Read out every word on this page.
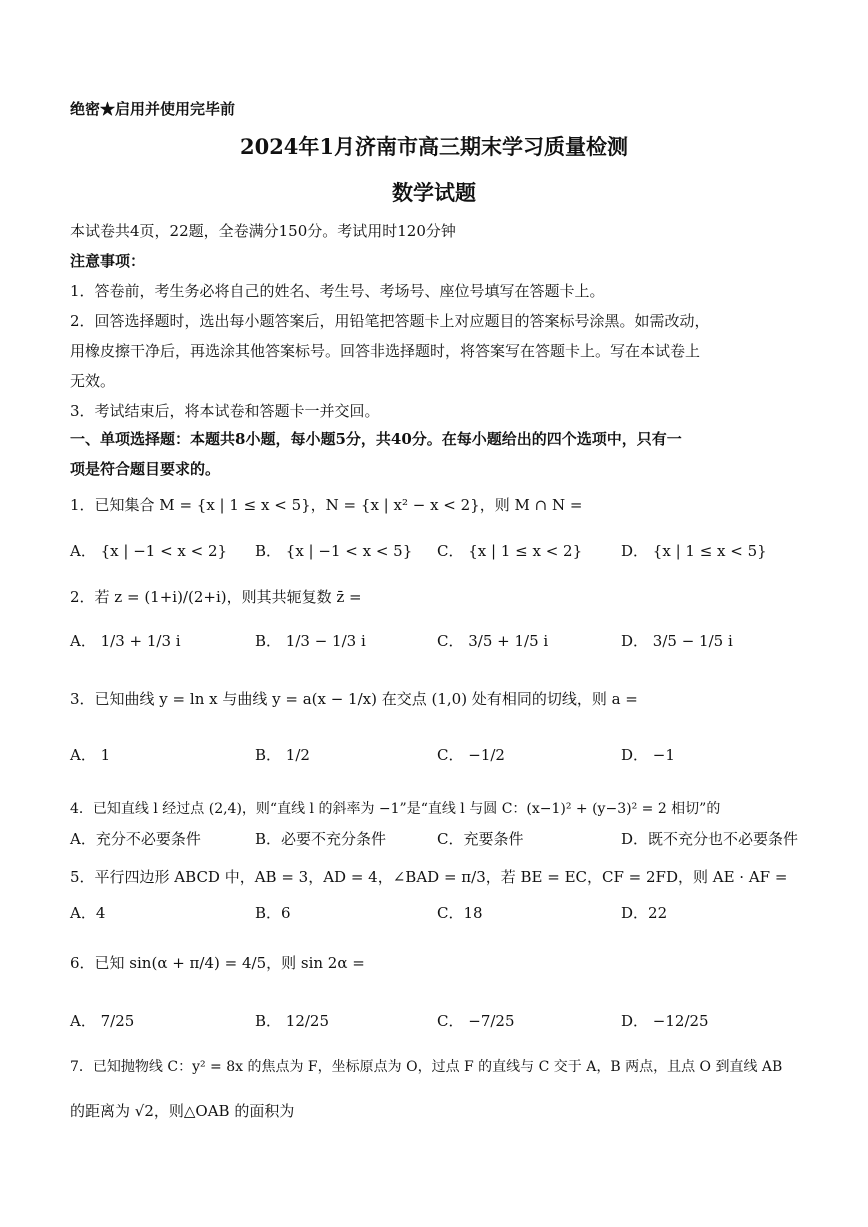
绝密★启用并使用完毕前
2024年1月济南市高三期末学习质量检测
数学试题
本试卷共4页，22题，全卷满分150分。考试用时120分钟
注意事项：
1．答卷前，考生务必将自己的姓名、考生号、考场号、座位号填写在答题卡上。
2．回答选择题时，选出每小题答案后，用铅笔把答题卡上对应题目的答案标号涂黑。如需改动，
用橡皮擦干净后，再选涂其他答案标号。回答非选择题时，将答案写在答题卡上。写在本试卷上
无效。
3．考试结束后，将本试卷和答题卡一并交回。
一、单项选择题：本题共8小题，每小题5分，共40分。在每小题给出的四个选项中，只有一
项是符合题目要求的。
1．已知集合 M = {x | 1 ≤ x < 5}，N = {x | x² − x < 2}，则 M ∩ N =
A． {x | −1 < x < 2} B． {x | −1 < x < 5} C． {x | 1 ≤ x < 2}	D． {x | 1 ≤ x < 5}
2．若 z = (1+i)/(2+i)，则其共轭复数 z̄ =
A． 1/3 + 1/3 i	B． 1/3 − 1/3 i	C． 3/5 + 1/5 i	D． 3/5 − 1/5 i
3．已知曲线 y = ln x 与曲线 y = a(x − 1/x) 在交点 (1,0) 处有相同的切线，则 a =
A． 1	B． 1/2	C． −1/2	D． −1
4．已知直线 l 经过点 (2,4)，则“直线 l 的斜率为 −1”是“直线 l 与圆 C：(x−1)² + (y−3)² = 2 相切”的
A．充分不必要条件	B．必要不充分条件	C．充要条件	D．既不充分也不必要条件
5．平行四边形 ABCD 中，AB = 3，AD = 4，∠BAD = π/3，若 BE = EC，CF = 2FD，则 AE · AF =
A．4	B．6	C．18	D．22
6．已知 sin(α + π/4) = 4/5，则 sin 2α =
A． 7/25	B． 12/25	C． −7/25	D． −12/25
7．已知抛物线 C：y² = 8x 的焦点为 F，坐标原点为 O，过点 F 的直线与 C 交于 A，B 两点，且点 O 到直线 AB
的距离为 √2，则△OAB 的面积为
